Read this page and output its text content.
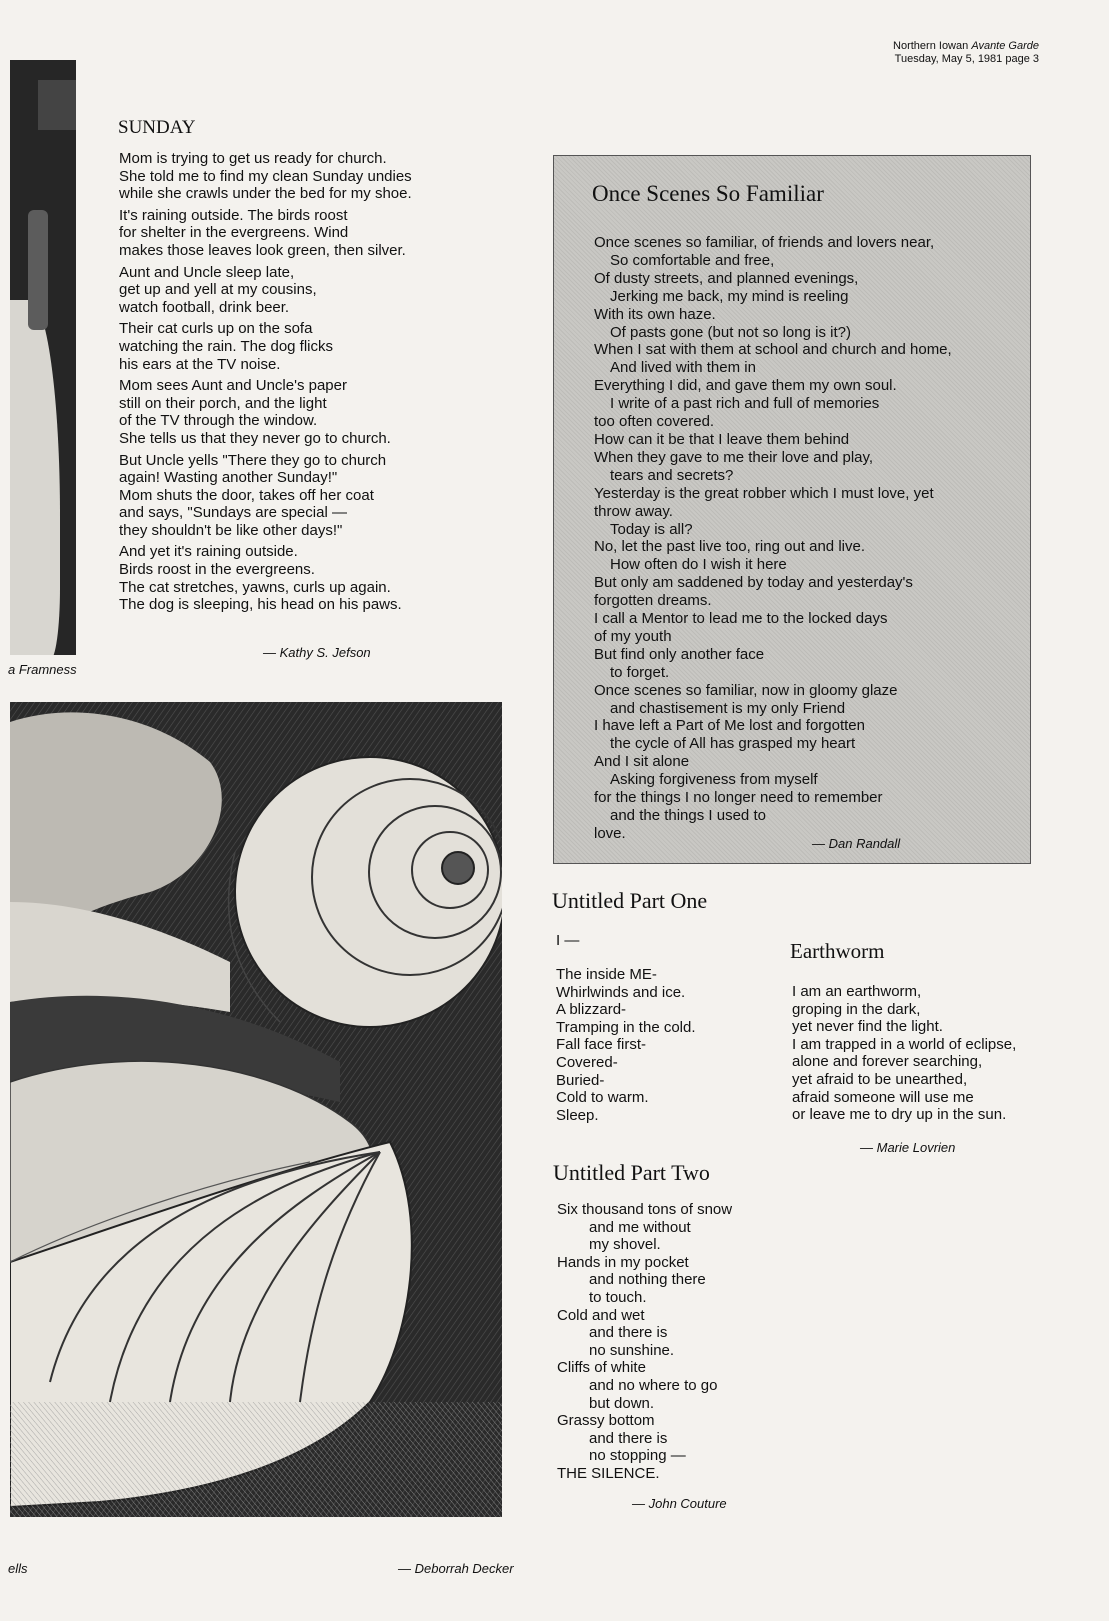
Northern Iowan Avante Garde
Tuesday, May 5, 1981 page 3
a Framness
SUNDAY
Mom is trying to get us ready for church.
She told me to find my clean Sunday undies
while she crawls under the bed for my shoe.
It's raining outside. The birds roost
for shelter in the evergreens. Wind
makes those leaves look green, then silver.
Aunt and Uncle sleep late,
get up and yell at my cousins,
watch football, drink beer.
Their cat curls up on the sofa
watching the rain. The dog flicks
his ears at the TV noise.
Mom sees Aunt and Uncle's paper
still on their porch, and the light
of the TV through the window.
She tells us that they never go to church.
But Uncle yells "There they go to church
again! Wasting another Sunday!"
Mom shuts the door, takes off her coat
and says, "Sundays are special —
they shouldn't be like other days!"
And yet it's raining outside.
Birds roost in the evergreens.
The cat stretches, yawns, curls up again.
The dog is sleeping, his head on his paws.
— Kathy S. Jefson
ells	— Deborrah Decker
Once Scenes So Familiar
Once scenes so familiar, of friends and lovers near,
So comfortable and free,
Of dusty streets, and planned evenings,
Jerking me back, my mind is reeling
With its own haze.
Of pasts gone (but not so long is it?)
When I sat with them at school and church and home,
And lived with them in
Everything I did, and gave them my own soul.
I write of a past rich and full of memories
too often covered.
How can it be that I leave them behind
When they gave to me their love and play,
tears and secrets?
Yesterday is the great robber which I must love, yet
throw away.
Today is all?
No, let the past live too, ring out and live.
How often do I wish it here
But only am saddened by today and yesterday's
forgotten dreams.
I call a Mentor to lead me to the locked days
of my youth
But find only another face
to forget.
Once scenes so familiar, now in gloomy glaze
and chastisement is my only Friend
I have left a Part of Me lost and forgotten
the cycle of All has grasped my heart
And I sit alone
Asking forgiveness from myself
for the things I no longer need to remember
and the things I used to
love.
— Dan Randall
Untitled Part One
I —
The inside ME-
Whirlwinds and ice.
A blizzard-
Tramping in the cold.
Fall face first-
Covered-
Buried-
Cold to warm.
Sleep.
Untitled Part Two
Six thousand tons of snow
and me without
my shovel.
Hands in my pocket
and nothing there
to touch.
Cold and wet
and there is
no sunshine.
Cliffs of white
and no where to go
but down.
Grassy bottom
and there is
no stopping —
THE SILENCE.
— John Couture
Earthworm
I am an earthworm,
groping in the dark,
yet never find the light.
I am trapped in a world of eclipse,
alone and forever searching,
yet afraid to be unearthed,
afraid someone will use me
or leave me to dry up in the sun.
— Marie Lovrien
